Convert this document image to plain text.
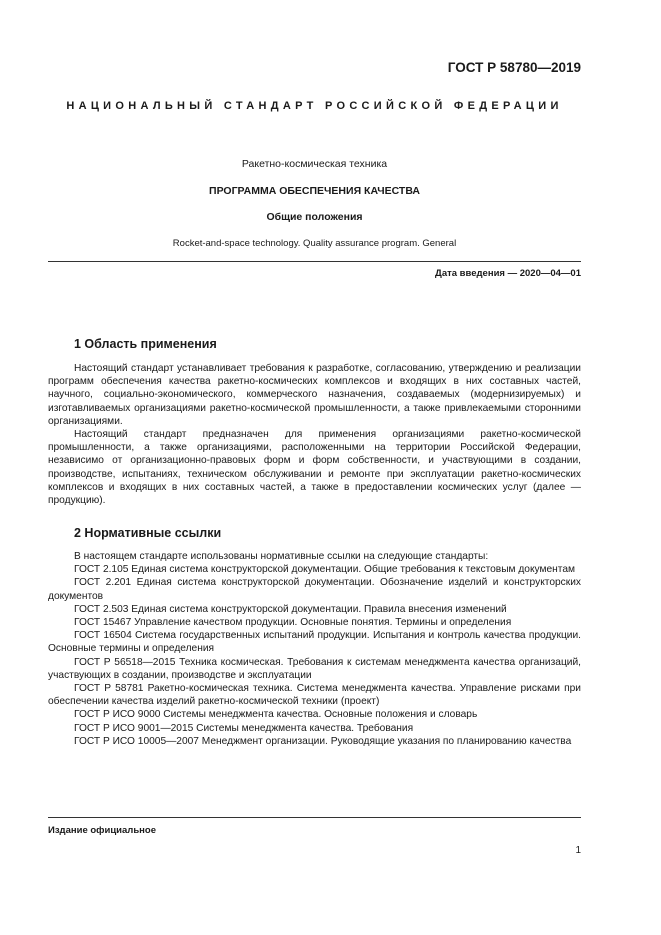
ГОСТ Р 58780—2019
НАЦИОНАЛЬНЫЙ СТАНДАРТ РОССИЙСКОЙ ФЕДЕРАЦИИ
Ракетно-космическая техника
ПРОГРАММА ОБЕСПЕЧЕНИЯ КАЧЕСТВА
Общие положения
Rocket-and-space technology. Quality assurance program. General
Дата введения — 2020—04—01
1 Область применения

Настоящий стандарт устанавливает требования к разработке, согласованию, утверждению и реализации программ обеспечения качества ракетно-космических комплексов и входящих в них составных частей, научного, социально-экономического, коммерческого назначения, создаваемых (модернизируемых) и изготавливаемых организациями ракетно-космической промышленности, а также привлекаемыми сторонними организациями.

Настоящий стандарт предназначен для применения организациями ракетно-космической промышленности, а также организациями, расположенными на территории Российской Федерации, независимо от организационно-правовых форм и форм собственности, и участвующими в создании, производстве, испытаниях, техническом обслуживании и ремонте при эксплуатации ракетно-космических комплексов и входящих в них составных частей, а также в предоставлении космических услуг (далее — продукцию).

2 Нормативные ссылки

В настоящем стандарте использованы нормативные ссылки на следующие стандарты:

ГОСТ 2.105 Единая система конструкторской документации. Общие требования к текстовым документам

ГОСТ 2.201 Единая система конструкторской документации. Обозначение изделий и конструкторских документов

ГОСТ 2.503 Единая система конструкторской документации. Правила внесения изменений

ГОСТ 15467 Управление качеством продукции. Основные понятия. Термины и определения

ГОСТ 16504 Система государственных испытаний продукции. Испытания и контроль качества продукции. Основные термины и определения

ГОСТ Р 56518—2015 Техника космическая. Требования к системам менеджмента качества организаций, участвующих в создании, производстве и эксплуатации

ГОСТ Р 58781 Ракетно-космическая техника. Система менеджмента качества. Управление рисками при обеспечении качества изделий ракетно-космической техники (проект)

ГОСТ Р ИСО 9000 Системы менеджмента качества. Основные положения и словарь

ГОСТ Р ИСО 9001—2015 Системы менеджмента качества. Требования

ГОСТ Р ИСО 10005—2007 Менеджмент организации. Руководящие указания по планированию качества

Издание официальное
1
